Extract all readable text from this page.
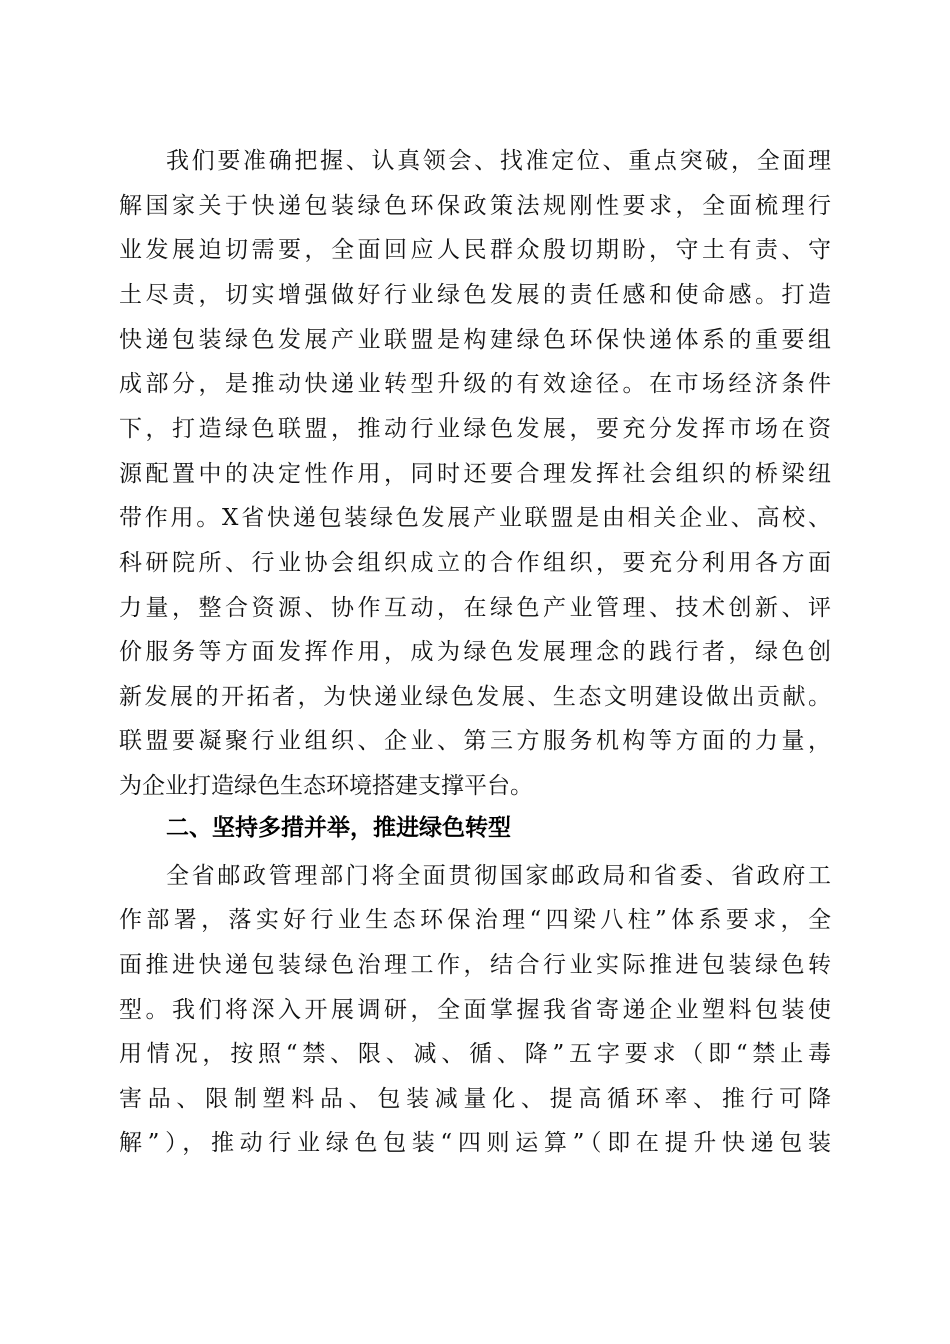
我们要准确把握、认真领会、找准定位、重点突破，全面理
解国家关于快递包装绿色环保政策法规刚性要求，全面梳理行
业发展迫切需要，全面回应人民群众殷切期盼，守土有责、守
土尽责，切实增强做好行业绿色发展的责任感和使命感。打造
快递包装绿色发展产业联盟是构建绿色环保快递体系的重要组
成部分，是推动快递业转型升级的有效途径。在市场经济条件
下，打造绿色联盟，推动行业绿色发展，要充分发挥市场在资
源配置中的决定性作用，同时还要合理发挥社会组织的桥梁纽
带作用。X省快递包装绿色发展产业联盟是由相关企业、高校、
科研院所、行业协会组织成立的合作组织，要充分利用各方面
力量，整合资源、协作互动，在绿色产业管理、技术创新、评
价服务等方面发挥作用，成为绿色发展理念的践行者，绿色创
新发展的开拓者，为快递业绿色发展、生态文明建设做出贡献。
联盟要凝聚行业组织、企业、第三方服务机构等方面的力量，
为企业打造绿色生态环境搭建支撑平台。
二、坚持多措并举，推进绿色转型
全省邮政管理部门将全面贯彻国家邮政局和省委、省政府工
作部署，落实好行业生态环保治理“四梁八柱”体系要求，全
面推进快递包装绿色治理工作，结合行业实际推进包装绿色转
型。我们将深入开展调研，全面掌握我省寄递企业塑料包装使
用情况，按照“禁、限、减、循、降”五字要求（即“禁止毒
害品、限制塑料品、包装减量化、提高循环率、推行可降
解”），推动行业绿色包装“四则运算”（即在提升快递包装
